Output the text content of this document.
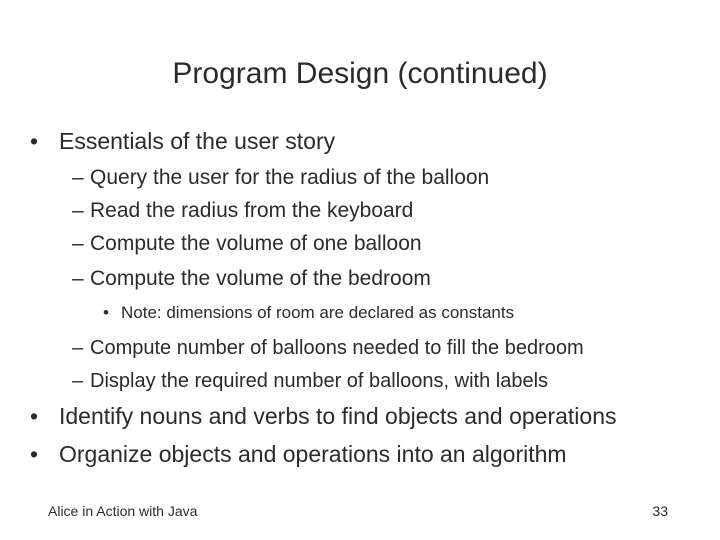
Program Design (continued)
• Essentials of the user story
– Query the user for the radius of the balloon
– Read the radius from the keyboard
– Compute the volume of one balloon
– Compute the volume of the bedroom
• Note: dimensions of room are declared as constants
– Compute number of balloons needed to fill the bedroom
– Display the required number of balloons, with labels
• Identify nouns and verbs to find objects and operations
• Organize objects and operations into an algorithm
Alice in Action with Java	33
